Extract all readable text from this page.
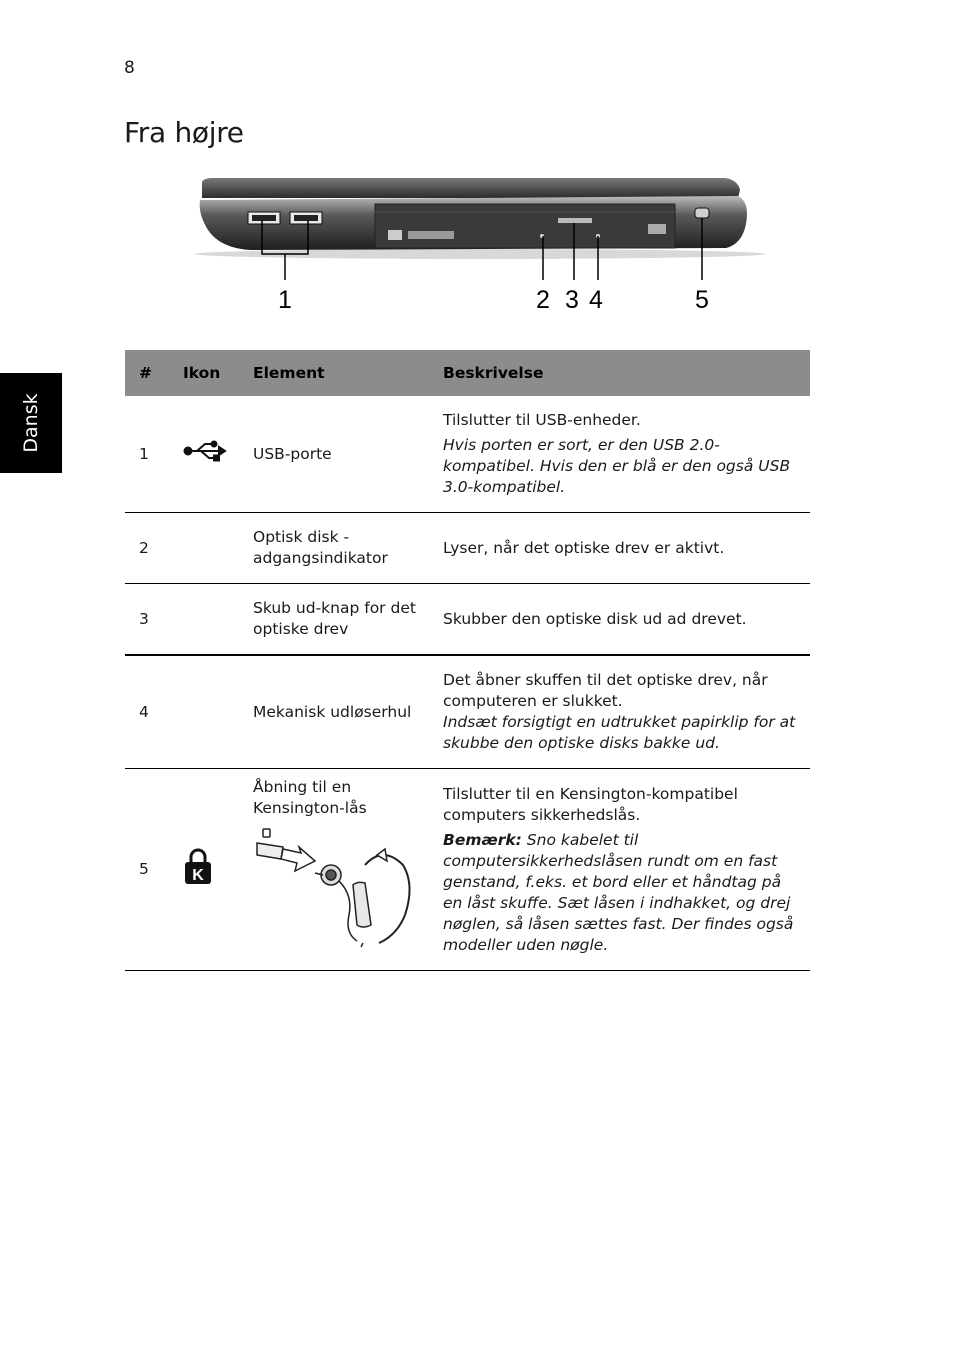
8
Fra højre
Dansk
1	2 3 4	5
#	Ikon	Element	Beskrivelse
1		USB-porte	Tilslutter til USB-enheder.

Hvis porten er sort, er den USB 2.0-kompatibel. Hvis den er blå er den også USB 3.0-kompatibel.

2		Optisk disk - adgangsindikator	Lyser, når det optiske drev er aktivt.
3		Skub ud-knap for det optiske drev	Skubber den optiske disk ud ad drevet.
4		Mekanisk udløserhul	Det åbner skuffen til det optiske drev, når computeren er slukket.

Indsæt forsigtigt en udtrukket papirklip for at skubbe den optiske disks bakke ud.

5	K	Åbning til en Kensington-lås	Tilslutter til en Kensington-kompatibel computers sikkerhedslås.

Bemærk: Sno kabelet til computersikkerhedslåsen rundt om en fast genstand, f.eks. et bord eller et håndtag på en låst skuffe. Sæt låsen i indhakket, og drej nøglen, så låsen sættes fast. Der findes også modeller uden nøgle.
